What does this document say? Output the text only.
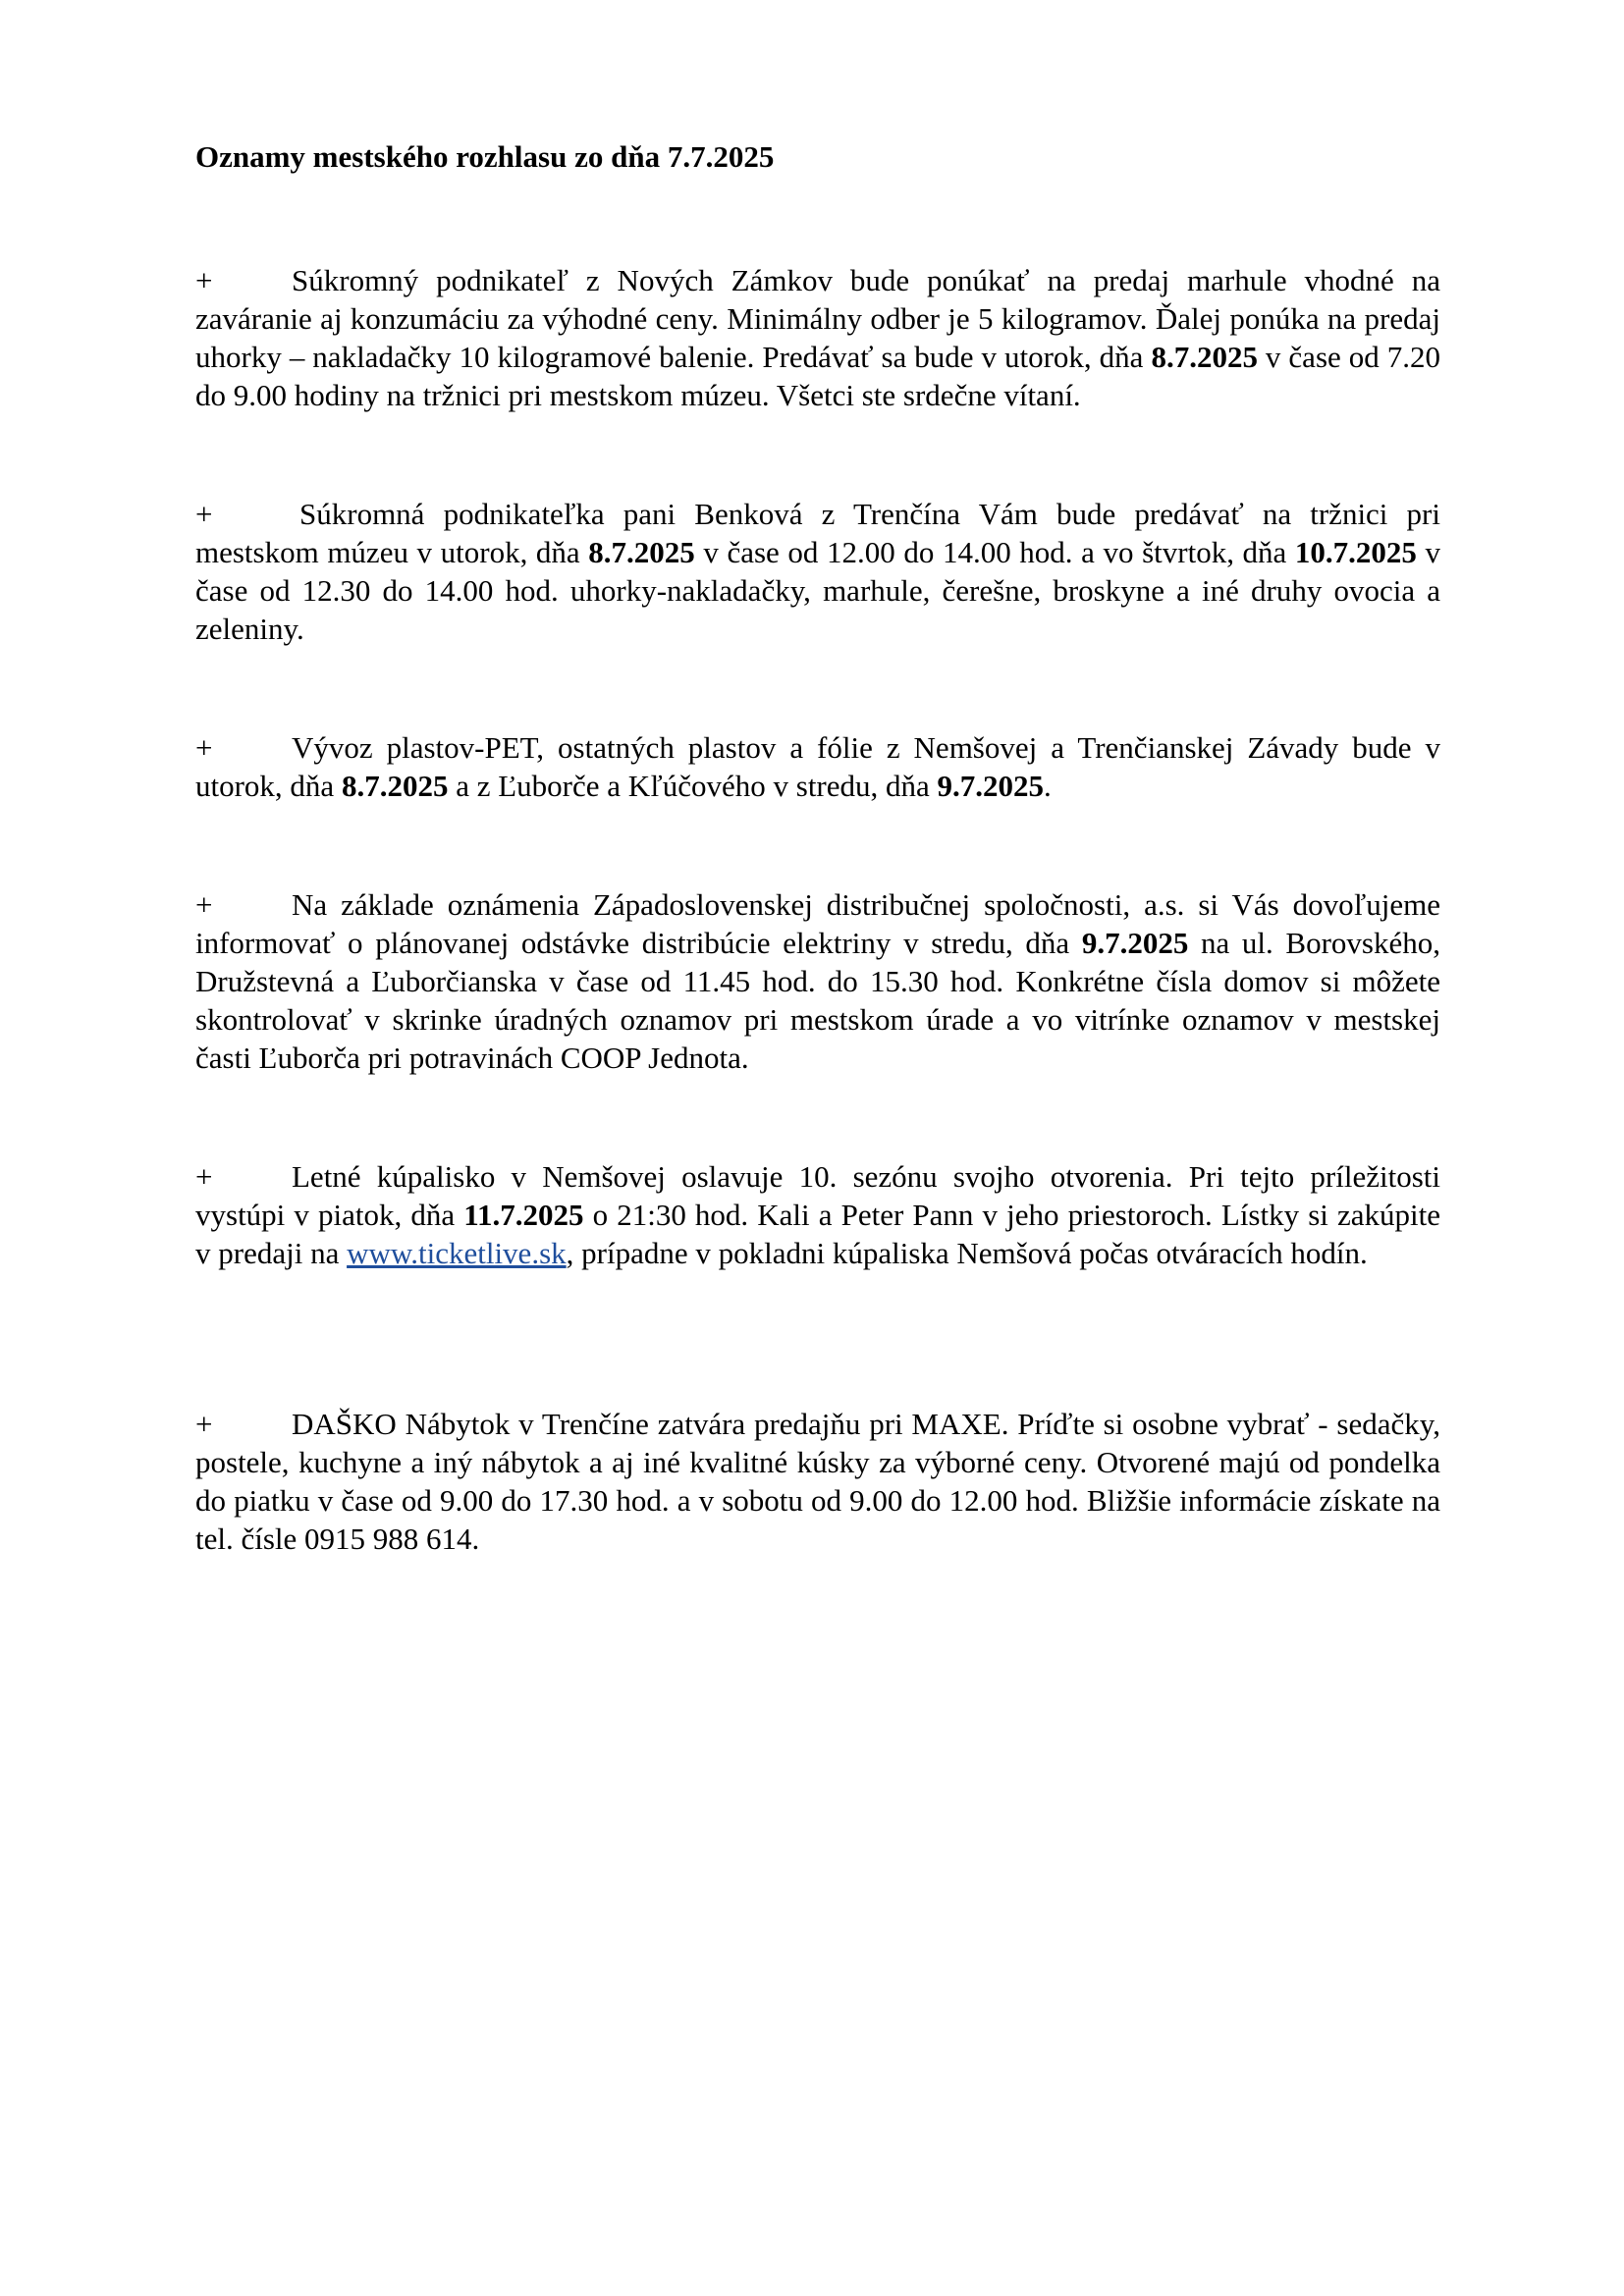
Oznamy mestského rozhlasu zo dňa 7.7.2025

+	Súkromný podnikateľ z Nových Zámkov bude ponúkať na predaj marhule vhodné na zaváranie aj konzumáciu za výhodné ceny. Minimálny odber je 5 kilogramov. Ďalej ponúka na predaj uhorky – nakladačky 10 kilogramové balenie. Predávať sa bude v utorok, dňa 8.7.2025 v čase od 7.20 do 9.00 hodiny na tržnici pri mestskom múzeu. Všetci ste srdečne vítaní.

+	Súkromná podnikateľka pani Benková z Trenčína Vám bude predávať na tržnici pri mestskom múzeu v utorok, dňa 8.7.2025 v čase od 12.00 do 14.00 hod. a vo štvrtok, dňa 10.7.2025 v čase od 12.30 do 14.00 hod. uhorky-nakladačky, marhule, čerešne, broskyne a iné druhy ovocia a zeleniny.

+	Vývoz plastov-PET, ostatných plastov a fólie z Nemšovej a Trenčianskej Závady bude v utorok, dňa 8.7.2025 a z Ľuborče a Kľúčového v stredu, dňa 9.7.2025.

+	Na základe oznámenia Západoslovenskej distribučnej spoločnosti, a.s. si Vás dovoľujeme informovať o plánovanej odstávke distribúcie elektriny v stredu, dňa 9.7.2025 na ul. Borovského, Družstevná a Ľuborčianska v čase od 11.45 hod. do 15.30 hod. Konkrétne čísla domov si môžete skontrolovať v skrinke úradných oznamov pri mestskom úrade a vo vitrínke oznamov v mestskej časti Ľuborča pri potravinách COOP Jednota.

+	Letné kúpalisko v Nemšovej oslavuje 10. sezónu svojho otvorenia. Pri tejto príležitosti vystúpi v piatok, dňa 11.7.2025 o 21:30 hod. Kali a Peter Pann v jeho priestoroch. Lístky si zakúpite v predaji na www.ticketlive.sk, prípadne v pokladni kúpaliska Nemšová počas otváracích hodín.

+	DAŠKO Nábytok v Trenčíne zatvára predajňu pri MAXE. Príďte si osobne vybrať - sedačky, postele, kuchyne a iný nábytok a aj iné kvalitné kúsky za výborné ceny. Otvorené majú od pondelka do piatku v čase od 9.00 do 17.30 hod. a v sobotu od 9.00 do 12.00 hod. Bližšie informácie získate na tel. čísle 0915 988 614.
